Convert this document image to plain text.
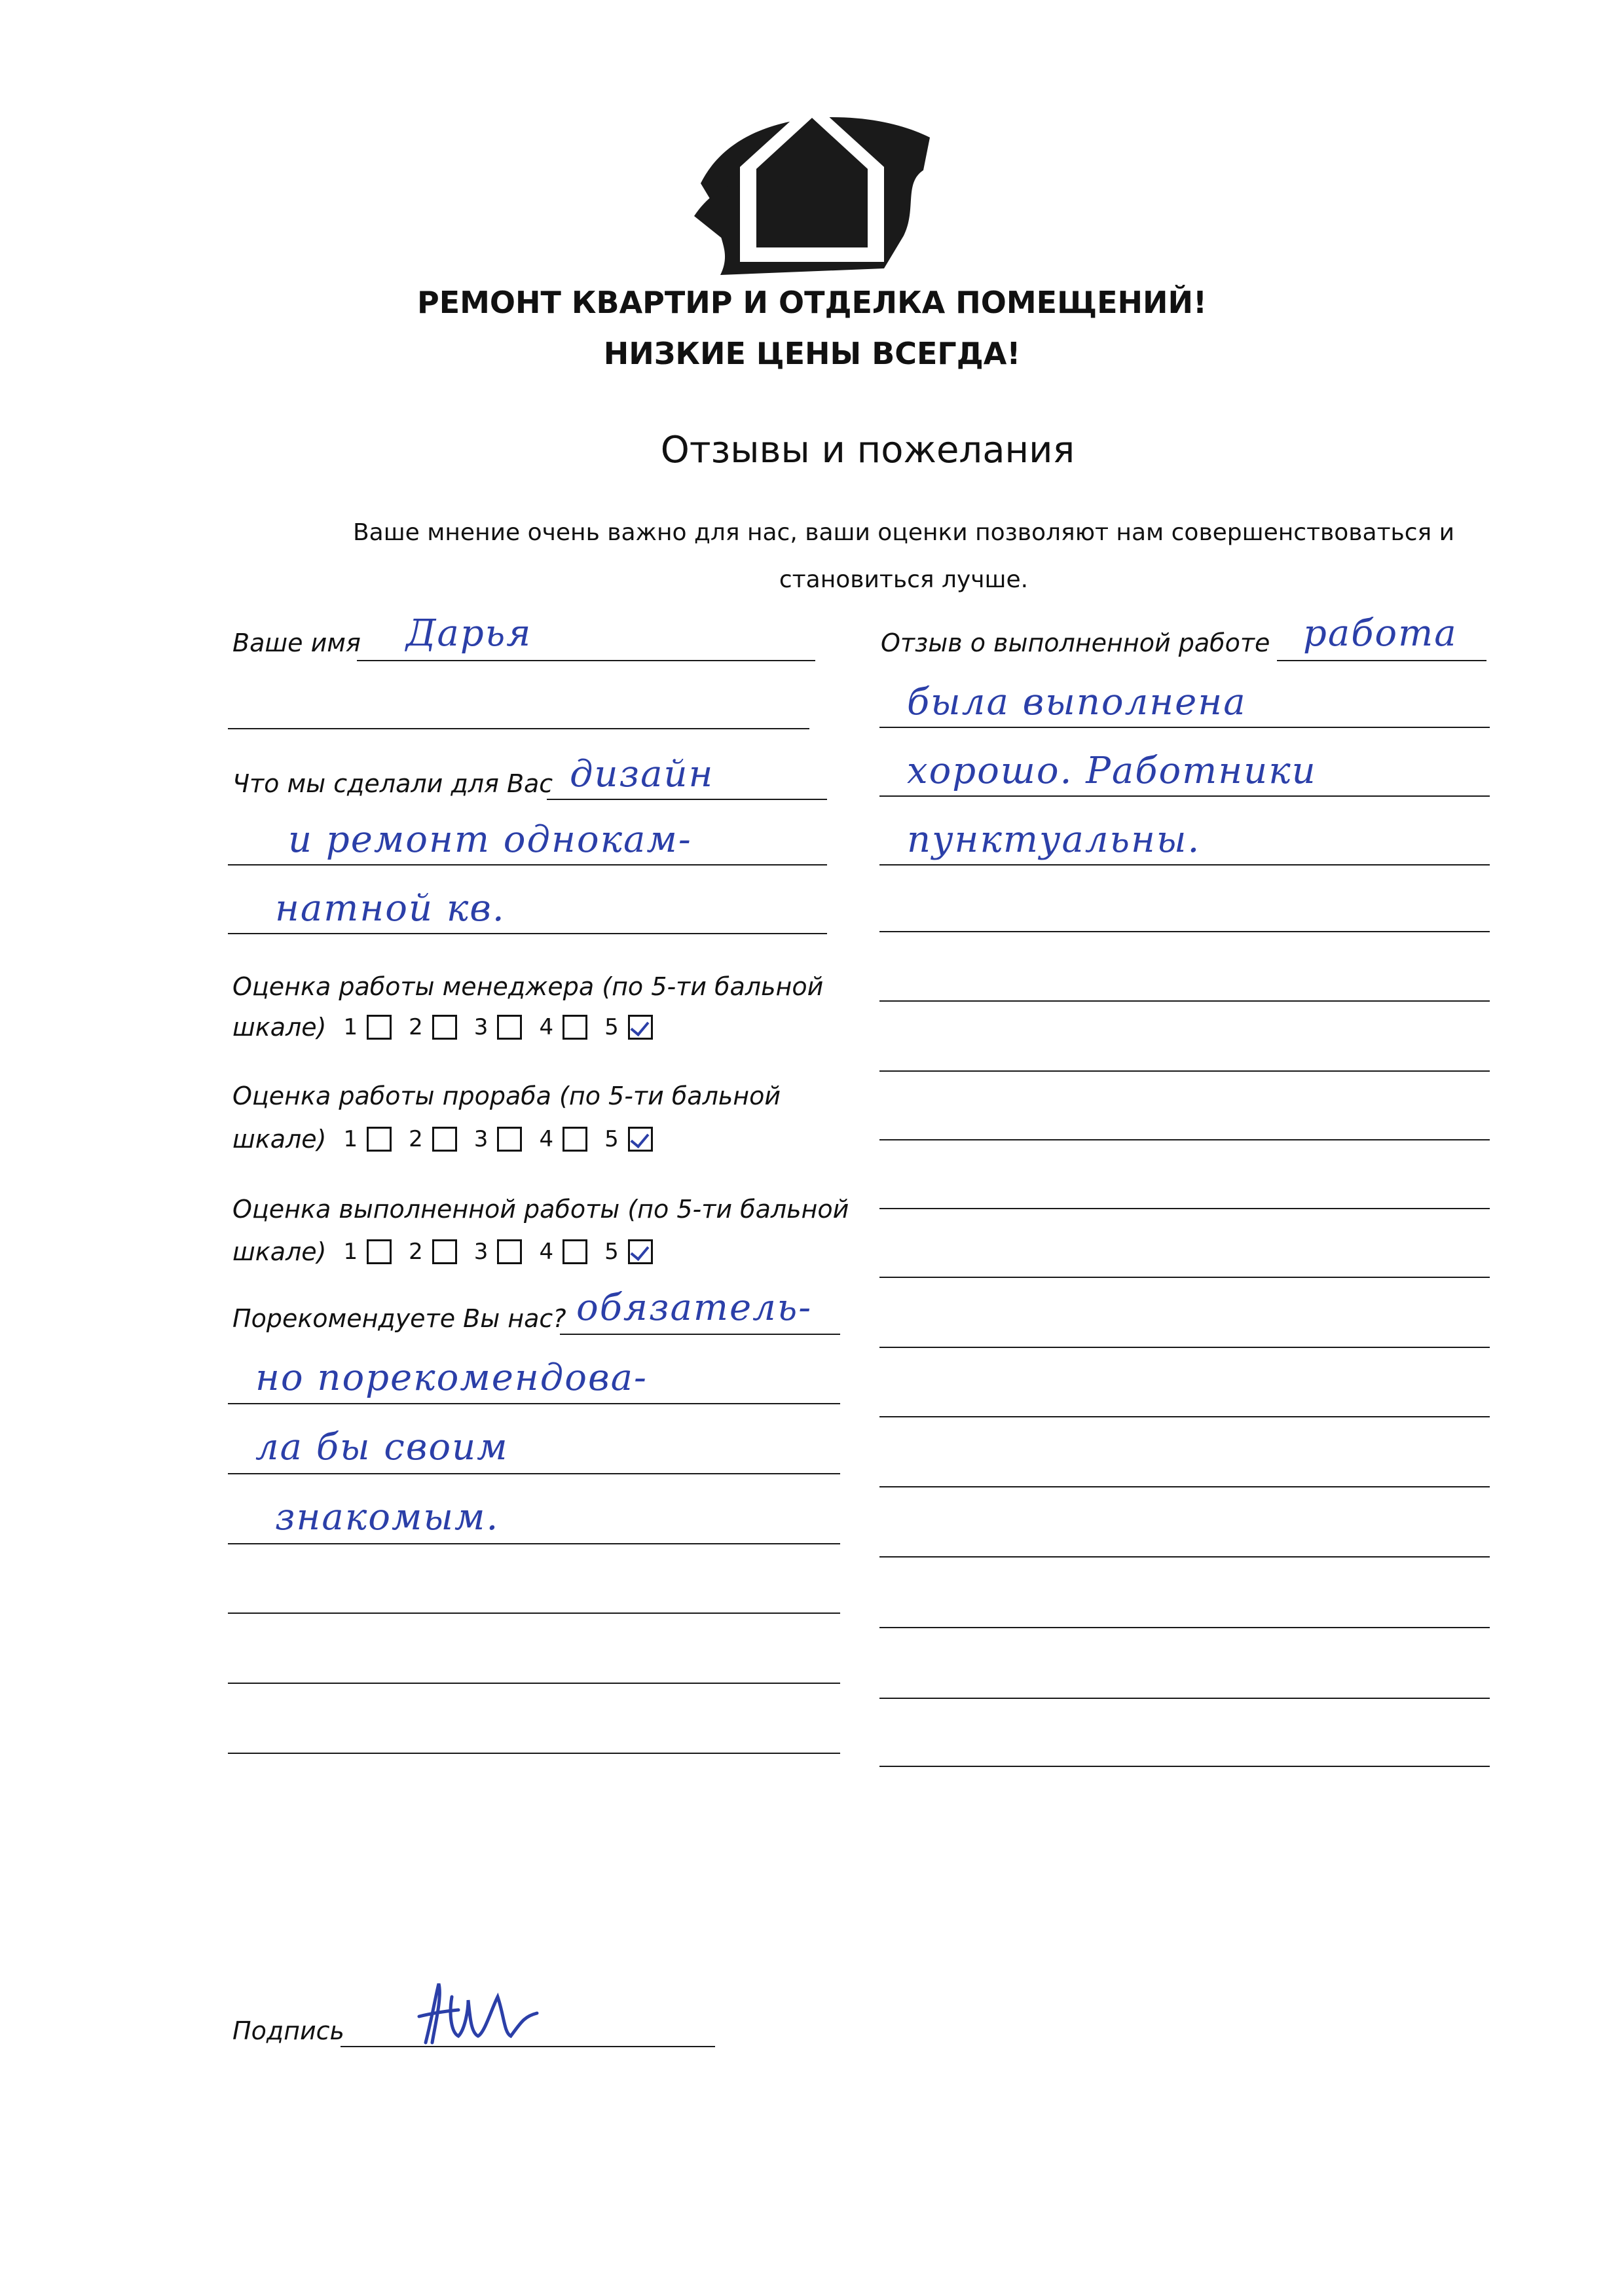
РЕМОНТ КВАРТИР И ОТДЕЛКА ПОМЕЩЕНИЙ!
НИЗКИЕ ЦЕНЫ ВСЕГДА!
Отзывы и пожелания
Ваше мнение очень важно для нас, ваши оценки позволяют нам совершенствоваться и
становиться лучше.
Ваше имя Дарья
Что мы сделали для Вас дизайн
и ремонт однокам-
натной кв.
Оценка работы менеджера (по 5-ти бальной
шкале) 1 2 3 4 5
Оценка работы прораба (по 5-ти бальной
шкале) 1 2 3 4 5
Оценка выполненной работы (по 5-ти бальной
шкале) 1 2 3 4 5
Порекомендуете Вы нас? обязатель-
но порекомендова-
ла бы своим
знакомым.
Отзыв о выполненной работе работа
была выполнена
хорошо. Работники
пунктуальны.
Подпись
